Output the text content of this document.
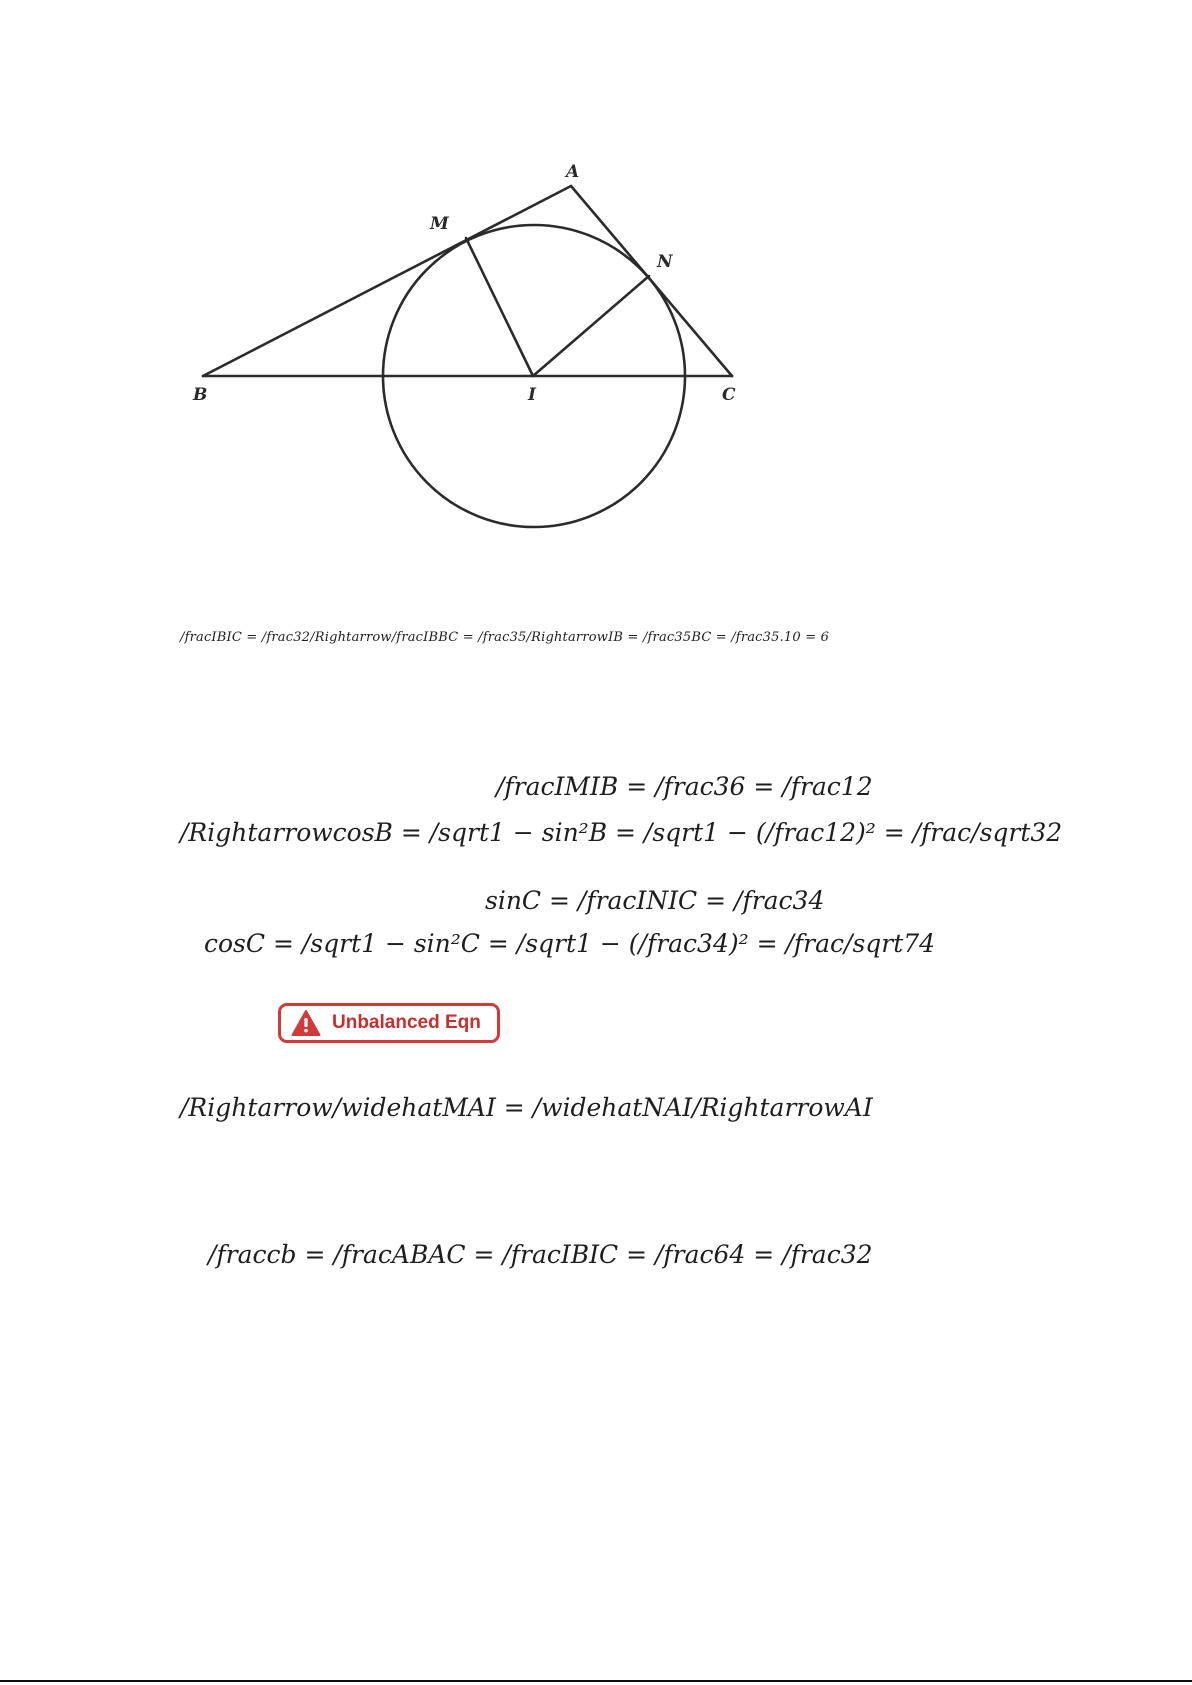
A
M
N
B	I	C
/fracIBIC = /frac32/Rightarrow/fracIBBC = /frac35/RightarrowIB = /frac35BC = /frac35.10 = 6
/fracIMIB = /frac36 = /frac12
/RightarrowcosB = /sqrt1 − sin²B = /sqrt1 − (/frac12)² = /frac/sqrt32
sinC = /fracINIC = /frac34
cosC = /sqrt1 − sin²C = /sqrt1 − (/frac34)² = /frac/sqrt74
Unbalanced Eqn
/Rightarrow/widehatMAI = /widehatNAI/RightarrowAI
/fraccb = /fracABAC = /fracIBIC = /frac64 = /frac32
